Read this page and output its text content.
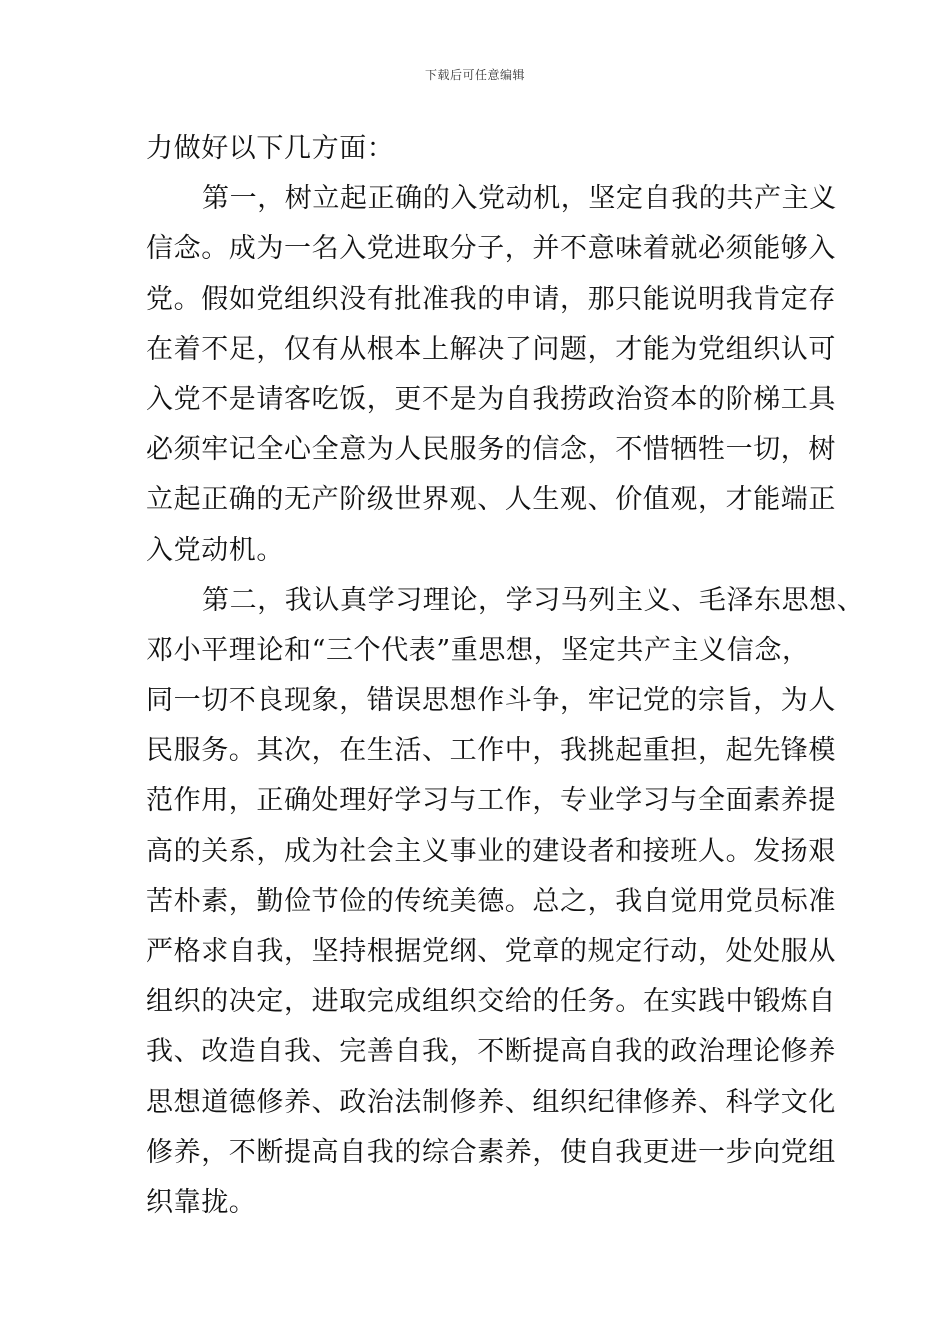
下载后可任意编辑
力做好以下几方面：
第一，树立起正确的入党动机，坚定自我的共产主义
信念。成为一名入党进取分子，并不意味着就必须能够入
党。假如党组织没有批准我的申请，那只能说明我肯定存
在着不足，仅有从根本上解决了问题，才能为党组织认可
入党不是请客吃饭，更不是为自我捞政治资本的阶梯工具
必须牢记全心全意为人民服务的信念，不惜牺牲一切，树
立起正确的无产阶级世界观、人生观、价值观，才能端正
入党动机。
第二，我认真学习理论，学习马列主义、毛泽东思想、
邓小平理论和“三个代表”重思想，坚定共产主义信念，
同一切不良现象，错误思想作斗争，牢记党的宗旨，为人
民服务。其次，在生活、工作中，我挑起重担，起先锋模
范作用，正确处理好学习与工作，专业学习与全面素养提
高的关系，成为社会主义事业的建设者和接班人。发扬艰
苦朴素，勤俭节俭的传统美德。总之，我自觉用党员标准
严格求自我，坚持根据党纲、党章的规定行动，处处服从
组织的决定，进取完成组织交给的任务。在实践中锻炼自
我、改造自我、完善自我，不断提高自我的政治理论修养
思想道德修养、政治法制修养、组织纪律修养、科学文化
修养，不断提高自我的综合素养，使自我更进一步向党组
织靠拢。
